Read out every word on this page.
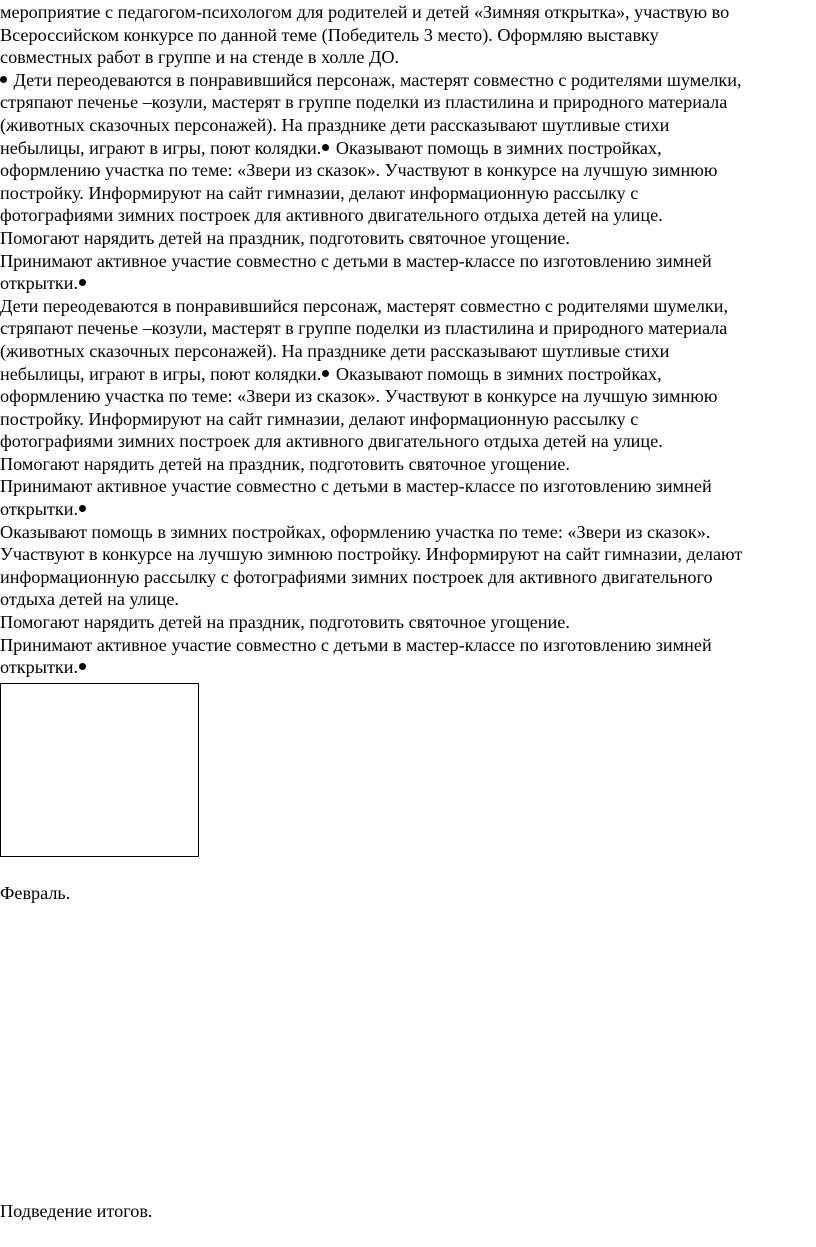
мероприятие с педагогом-психологом для родителей и детей «Зимняя открытка», участвую во
Всероссийском конкурсе по данной теме (Победитель 3 место). Оформляю выставку
совместных работ в группе и на стенде в холле ДО.
Дети переодеваются в понравившийся персонаж, мастерят совместно с родителями шумелки,
стряпают печенье –козули, мастерят в группе поделки из пластилина и природного материала
(животных сказочных персонажей). На празднике дети рассказывают шутливые стихи
небылицы, играют в игры, поют колядки. Оказывают помощь в зимних постройках,
оформлению участка по теме: «Звери из сказок». Участвуют в конкурсе на лучшую зимнюю
постройку. Информируют на сайт гимназии, делают информационную рассылку с
фотографиями зимних построек для активного двигательного отдыха детей на улице.
Помогают нарядить детей на праздник, подготовить святочное угощение.
Принимают активное участие совместно с детьми в мастер-классе по изготовлению зимней
открытки.
Дети переодеваются в понравившийся персонаж, мастерят совместно с родителями шумелки,
стряпают печенье –козули, мастерят в группе поделки из пластилина и природного материала
(животных сказочных персонажей). На празднике дети рассказывают шутливые стихи
небылицы, играют в игры, поют колядки. Оказывают помощь в зимних постройках,
оформлению участка по теме: «Звери из сказок». Участвуют в конкурсе на лучшую зимнюю
постройку. Информируют на сайт гимназии, делают информационную рассылку с
фотографиями зимних построек для активного двигательного отдыха детей на улице.
Помогают нарядить детей на праздник, подготовить святочное угощение.
Принимают активное участие совместно с детьми в мастер-классе по изготовлению зимней
открытки.
Оказывают помощь в зимних постройках, оформлению участка по теме: «Звери из сказок».
Участвуют в конкурсе на лучшую зимнюю постройку. Информируют на сайт гимназии, делают
информационную рассылку с фотографиями зимних построек для активного двигательного
отдыха детей на улице.
Помогают нарядить детей на праздник, подготовить святочное угощение.
Принимают активное участие совместно с детьми в мастер-классе по изготовлению зимней
открытки.
Февраль.
Подведение итогов.
